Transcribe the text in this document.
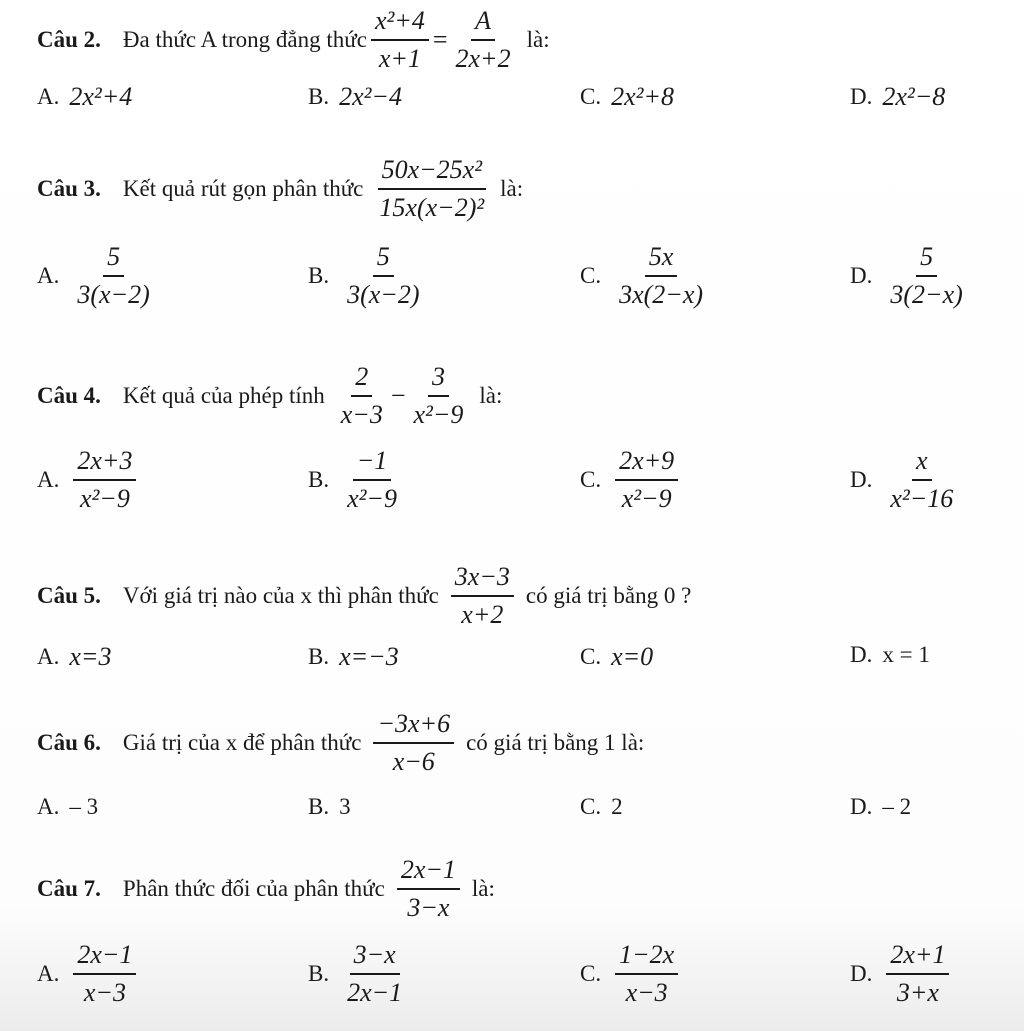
Câu 2. Đa thức A trong đẳng thức $\frac{\text{x²+4}}{x+1} = \frac{A}{2x+2}$ là:
A. 2x²+4	B. 2x²−4	C. 2x²+8	D. 2x²−8
Câu 3. Kết quả rút gọn phân thức $\frac{\text{50x−25x²}}{\text{15x(x−2)²}}$ là:
A. $\frac{5}{3(x-2)}$	B. $\frac{5}{3(x-2)}$	C. $\frac{5x}{3x(2-x)}$	D. $\frac{5}{3(2-x)}$
Câu 4. Kết quả của phép tính $\frac{2}{x-3} - \frac{3}{\text{x²−9}}$ là:
A. $\frac{2x+3}{\text{x²−9}}$	B. $\frac{-1}{\text{x²−9}}$	C. $\frac{2x+9}{\text{x²−9}}$	D. $\frac{x}{\text{x²−16}}$
Câu 5. Với giá trị nào của x thì phân thức $\frac{3x-3}{x+2}$ có giá trị bằng 0 ?
A. x=3	B. x=−3	C. x=0	D. x = 1
Câu 6. Giá trị của x để phân thức $\frac{-3x+6}{x-6}$ có giá trị bằng 1 là:
A. – 3	B. 3	C. 2	D. – 2
Câu 7. Phân thức đối của phân thức $\frac{2x-1}{3-x}$ là:
A. $\frac{2x-1}{x-3}$	B. $\frac{3-x}{2x-1}$	C. $\frac{1-2x}{x-3}$	D. $\frac{2x+1}{3+x}$
